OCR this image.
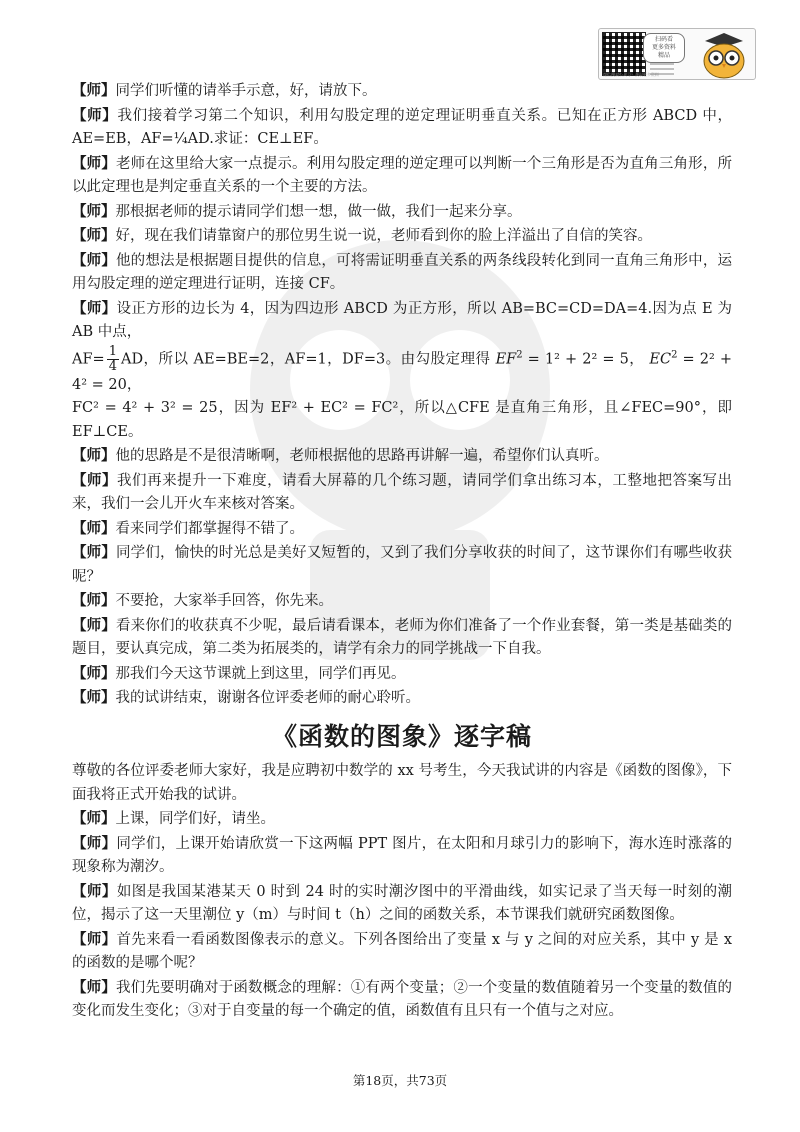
扫码看
更多资料
精品
微信搜索公众号 · 获取更多资料

【师】同学们听懂的请举手示意，好，请放下。

【师】我们接着学习第二个知识，利用勾股定理的逆定理证明垂直关系。已知在正方形 ABCD 中，AE=EB，AF=¼AD.求证：CE⊥EF。

【师】老师在这里给大家一点提示。利用勾股定理的逆定理可以判断一个三角形是否为直角三角形，所以此定理也是判定垂直关系的一个主要的方法。

【师】那根据老师的提示请同学们想一想，做一做，我们一起来分享。

【师】好，现在我们请靠窗户的那位男生说一说，老师看到你的脸上洋溢出了自信的笑容。

【师】他的想法是根据题目提供的信息，可将需证明垂直关系的两条线段转化到同一直角三角形中，运用勾股定理的逆定理进行证明，连接 CF。

【师】设正方形的边长为 4，因为四边形 ABCD 为正方形，所以 AB=BC=CD=DA=4.因为点 E 为 AB 中点，
$AF= \frac{1}{4}$ AD，所以 AE=BE=2，AF=1，DF=3。由勾股定理得 $EF^2 = 1^2 + 2^2 = 5$， $EC^2 = 2^2 + 4^2 = 20$，
FC² = 4² + 3² = 25，因为 EF² + EC² = FC²，所以△CFE 是直角三角形，且∠FEC=90°，即 EF⊥CE。

【师】他的思路是不是很清晰啊，老师根据他的思路再讲解一遍，希望你们认真听。

【师】我们再来提升一下难度，请看大屏幕的几个练习题，请同学们拿出练习本，工整地把答案写出来，我们一会儿开火车来核对答案。

【师】看来同学们都掌握得不错了。

【师】同学们，愉快的时光总是美好又短暂的，又到了我们分享收获的时间了，这节课你们有哪些收获呢？

【师】不要抢，大家举手回答，你先来。

【师】看来你们的收获真不少呢，最后请看课本，老师为你们准备了一个作业套餐，第一类是基础类的题目，要认真完成，第二类为拓展类的，请学有余力的同学挑战一下自我。

【师】那我们今天这节课就上到这里，同学们再见。

【师】我的试讲结束，谢谢各位评委老师的耐心聆听。

《函数的图象》逐字稿

尊敬的各位评委老师大家好，我是应聘初中数学的 xx 号考生，今天我试讲的内容是《函数的图像》，下面我将正式开始我的试讲。

【师】上课，同学们好，请坐。

【师】同学们，上课开始请欣赏一下这两幅 PPT 图片，在太阳和月球引力的影响下，海水连时涨落的现象称为潮汐。

【师】如图是我国某港某天 0 时到 24 时的实时潮汐图中的平滑曲线，如实记录了当天每一时刻的潮位，揭示了这一天里潮位 y（m）与时间 t（h）之间的函数关系，本节课我们就研究函数图像。

【师】首先来看一看函数图像表示的意义。下列各图给出了变量 x 与 y 之间的对应关系，其中 y 是 x 的函数的是哪个呢？

【师】我们先要明确对于函数概念的理解：①有两个变量；②一个变量的数值随着另一个变量的数值的变化而发生变化；③对于自变量的每一个确定的值，函数值有且只有一个值与之对应。

第18页，共73页
